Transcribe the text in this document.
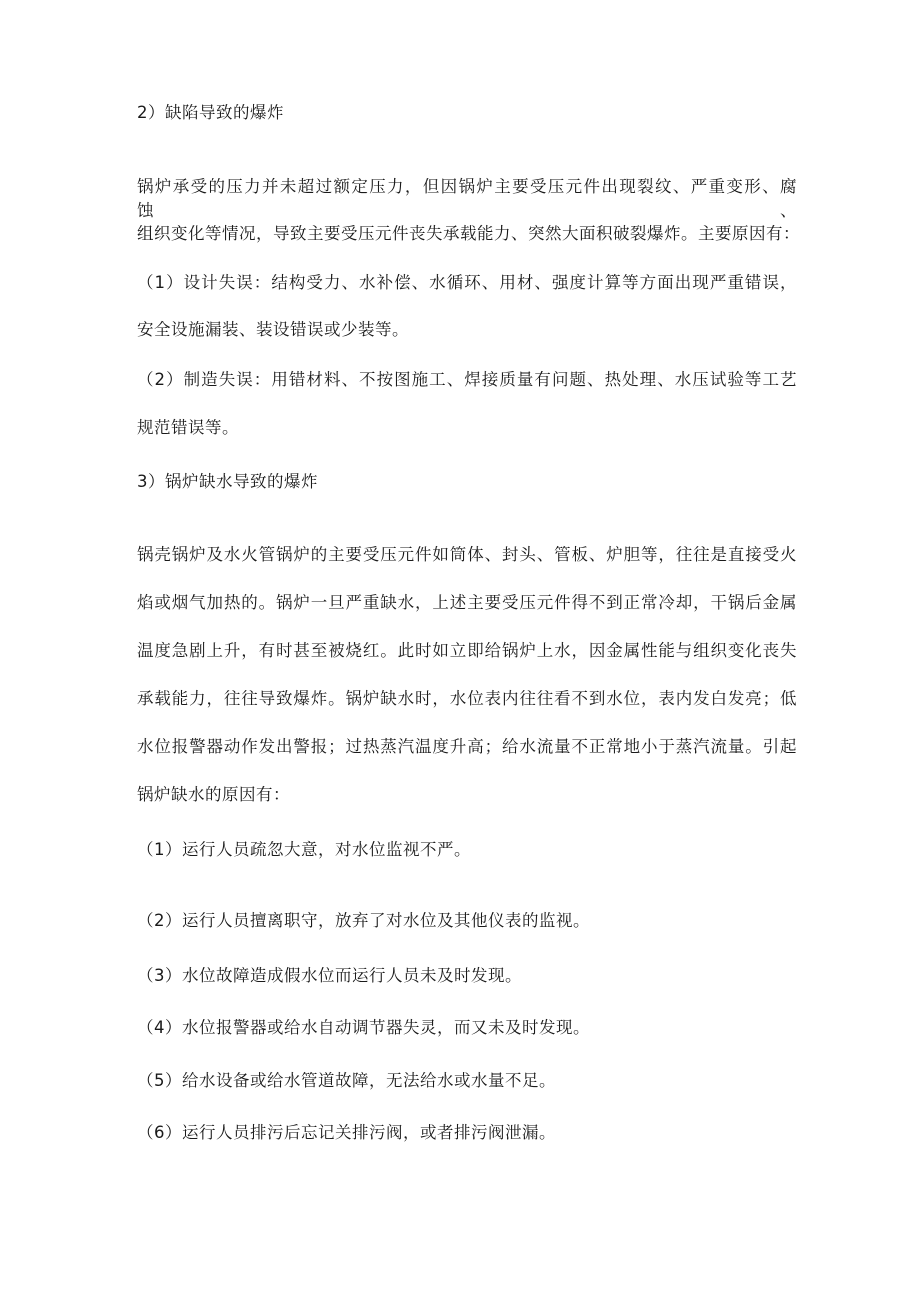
2）缺陷导致的爆炸
锅炉承受的压力并未超过额定压力，但因锅炉主要受压元件出现裂纹、严重变形、腐蚀、
组织变化等情况，导致主要受压元件丧失承载能力、突然大面积破裂爆炸。主要原因有：
（1）设计失误：结构受力、水补偿、水循环、用材、强度计算等方面出现严重错误，
安全设施漏装、装设错误或少装等。
（2）制造失误：用错材料、不按图施工、焊接质量有问题、热处理、水压试验等工艺
规范错误等。
3）锅炉缺水导致的爆炸
锅壳锅炉及水火管锅炉的主要受压元件如筒体、封头、管板、炉胆等，往往是直接受火
焰或烟气加热的。锅炉一旦严重缺水，上述主要受压元件得不到正常冷却，干锅后金属
温度急剧上升，有时甚至被烧红。此时如立即给锅炉上水，因金属性能与组织变化丧失
承载能力，往往导致爆炸。锅炉缺水时，水位表内往往看不到水位，表内发白发亮；低
水位报警器动作发出警报；过热蒸汽温度升高；给水流量不正常地小于蒸汽流量。引起
锅炉缺水的原因有：
（1）运行人员疏忽大意，对水位监视不严。
（2）运行人员擅离职守，放弃了对水位及其他仪表的监视。
（3）水位故障造成假水位而运行人员未及时发现。
（4）水位报警器或给水自动调节器失灵，而又未及时发现。
（5）给水设备或给水管道故障，无法给水或水量不足。
（6）运行人员排污后忘记关排污阀，或者排污阀泄漏。
